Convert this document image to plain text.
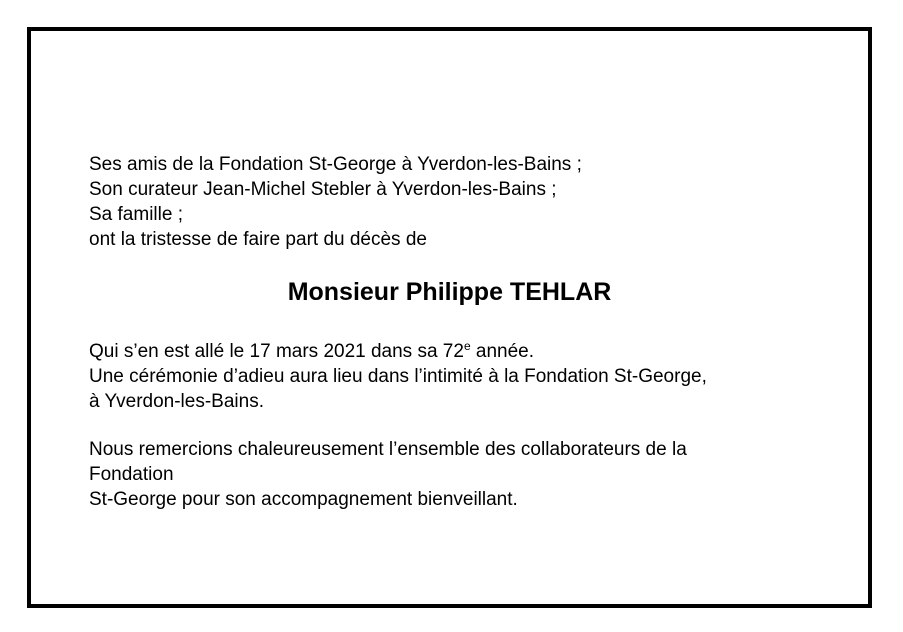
Ses amis de la Fondation St-George à Yverdon-les-Bains ;
Son curateur Jean-Michel Stebler à Yverdon-les-Bains ;
Sa famille ;
ont la tristesse de faire part du décès de
Monsieur Philippe TEHLAR
Qui s’en est allé le 17 mars 2021 dans sa 72e année.
Une cérémonie d’adieu aura lieu dans l’intimité à la Fondation St-George,
à Yverdon-les-Bains.
Nous remercions chaleureusement l’ensemble des collaborateurs de la
Fondation
St-George pour son accompagnement bienveillant.
